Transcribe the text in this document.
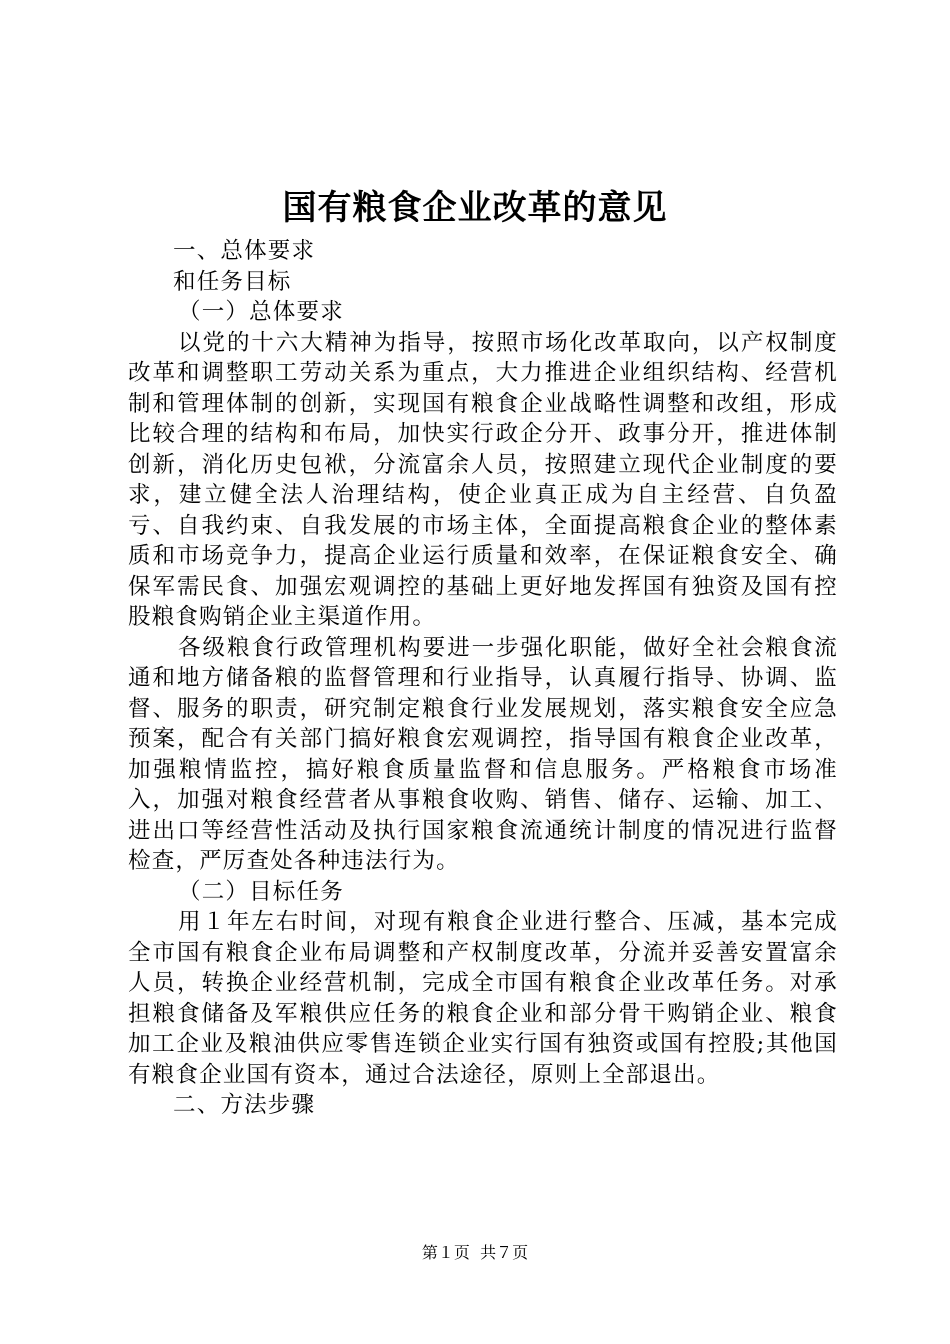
国有粮食企业改革的意见

一、总体要求

和任务目标

（一）总体要求

以党的十六大精神为指导，按照市场化改革取向，以产权制度改革和调整职工劳动关系为重点，大力推进企业组织结构、经营机制和管理体制的创新，实现国有粮食企业战略性调整和改组，形成比较合理的结构和布局，加快实行政企分开、政事分开，推进体制创新，消化历史包袱，分流富余人员，按照建立现代企业制度的要求，建立健全法人治理结构，使企业真正成为自主经营、自负盈亏、自我约束、自我发展的市场主体，全面提高粮食企业的整体素质和市场竞争力，提高企业运行质量和效率，在保证粮食安全、确保军需民食、加强宏观调控的基础上更好地发挥国有独资及国有控股粮食购销企业主渠道作用。

各级粮食行政管理机构要进一步强化职能，做好全社会粮食流通和地方储备粮的监督管理和行业指导，认真履行指导、协调、监督、服务的职责，研究制定粮食行业发展规划，落实粮食安全应急预案，配合有关部门搞好粮食宏观调控，指导国有粮食企业改革，加强粮情监控，搞好粮食质量监督和信息服务。严格粮食市场准入，加强对粮食经营者从事粮食收购、销售、储存、运输、加工、进出口等经营性活动及执行国家粮食流通统计制度的情况进行监督检查，严厉查处各种违法行为。

（二）目标任务

用１年左右时间，对现有粮食企业进行整合、压减，基本完成全市国有粮食企业布局调整和产权制度改革，分流并妥善安置富余人员，转换企业经营机制，完成全市国有粮食企业改革任务。对承担粮食储备及军粮供应任务的粮食企业和部分骨干购销企业、粮食加工企业及粮油供应零售连锁企业实行国有独资或国有控股;其他国有粮食企业国有资本，通过合法途径，原则上全部退出。

二、方法步骤

第１页 共７页
